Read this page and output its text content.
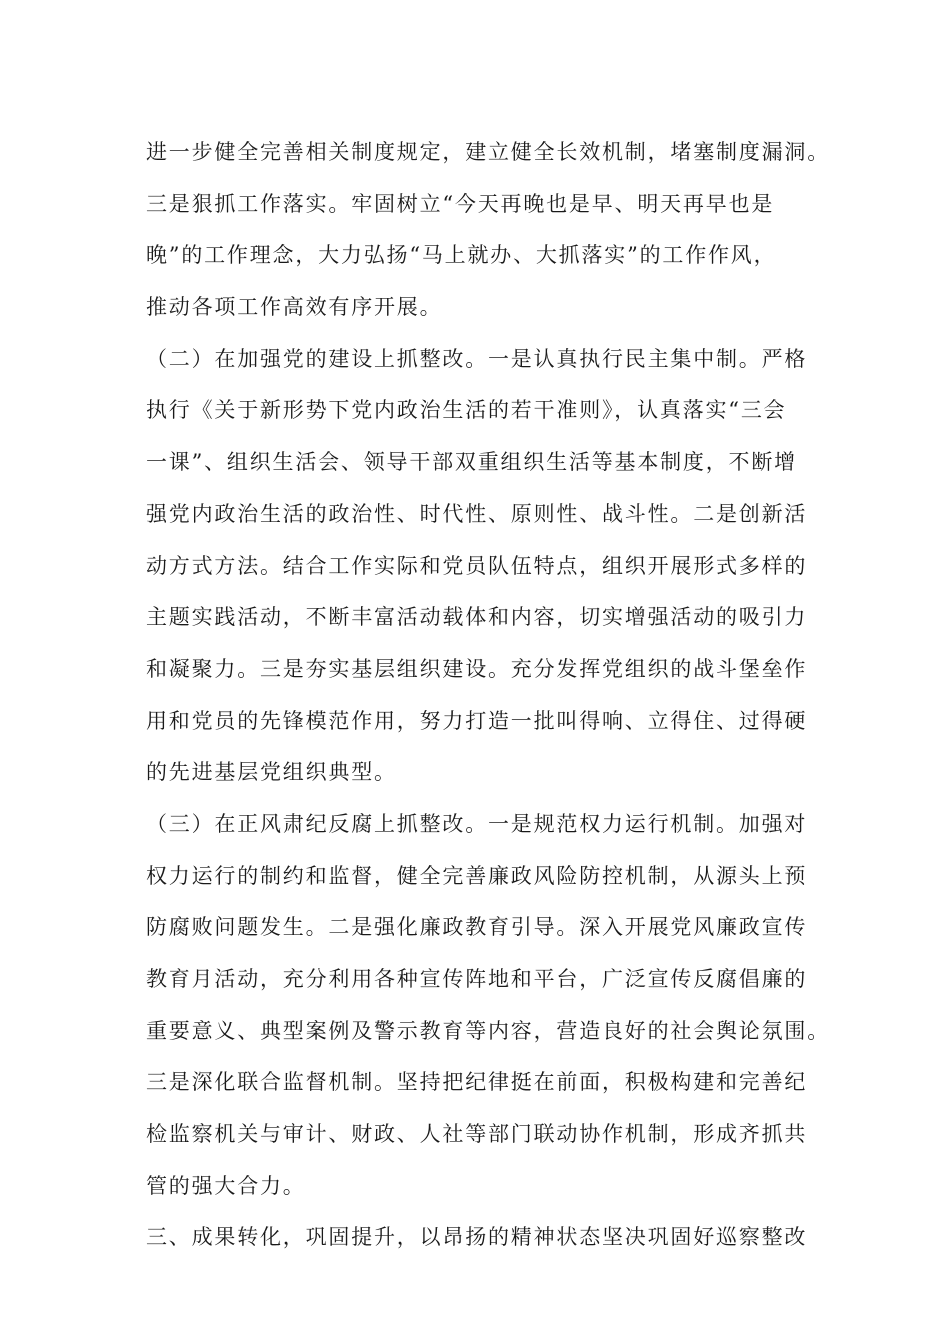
进一步健全完善相关制度规定，建立健全长效机制，堵塞制度漏洞。
三是狠抓工作落实。牢固树立“今天再晚也是早、明天再早也是
晚”的工作理念，大力弘扬“马上就办、大抓落实”的工作作风，
推动各项工作高效有序开展。
（二）在加强党的建设上抓整改。一是认真执行民主集中制。严格
执行《关于新形势下党内政治生活的若干准则》，认真落实“三会
一课”、组织生活会、领导干部双重组织生活等基本制度，不断增
强党内政治生活的政治性、时代性、原则性、战斗性。二是创新活
动方式方法。结合工作实际和党员队伍特点，组织开展形式多样的
主题实践活动，不断丰富活动载体和内容，切实增强活动的吸引力
和凝聚力。三是夯实基层组织建设。充分发挥党组织的战斗堡垒作
用和党员的先锋模范作用，努力打造一批叫得响、立得住、过得硬
的先进基层党组织典型。
（三）在正风肃纪反腐上抓整改。一是规范权力运行机制。加强对
权力运行的制约和监督，健全完善廉政风险防控机制，从源头上预
防腐败问题发生。二是强化廉政教育引导。深入开展党风廉政宣传
教育月活动，充分利用各种宣传阵地和平台，广泛宣传反腐倡廉的
重要意义、典型案例及警示教育等内容，营造良好的社会舆论氛围。
三是深化联合监督机制。坚持把纪律挺在前面，积极构建和完善纪
检监察机关与审计、财政、人社等部门联动协作机制，形成齐抓共
管的强大合力。
三、成果转化，巩固提升，以昂扬的精神状态坚决巩固好巡察整改
